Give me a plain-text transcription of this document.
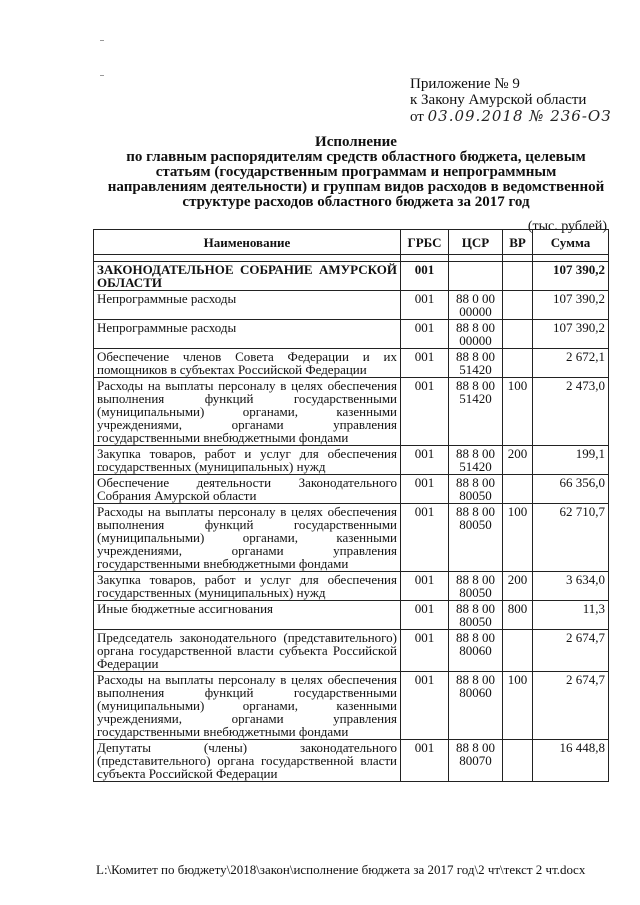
Приложение № 9
к Закону Амурской области
от 03.09.2018 № 236-ОЗ
Исполнение
по главным распорядителям средств областного бюджета, целевым
статьям (государственным программам и непрограммным
направлениям деятельности) и группам видов расходов в ведомственной
структуре расходов областного бюджета за 2017 год
(тыс. рублей)
Наименование	ГРБС	ЦСР	ВР	Сумма

ЗАКОНОДАТЕЛЬНОЕ СОБРАНИЕ АМУРСКОЙ ОБЛАСТИ	001			107 390,2
Непрограммные расходы	001	88 0 00 00000		107 390,2
Непрограммные расходы	001	88 8 00 00000		107 390,2
Обеспечение членов Совета Федерации и их помощников в субъектах Российской Федерации	001	88 8 00 51420		2 672,1
Расходы на выплаты персоналу в целях обеспечения выполнения функций государственными (муниципальными) органами, казенными учреждениями, органами управления государственными внебюджетными фондами	001	88 8 00 51420	100	2 473,0
Закупка товаров, работ и услуг для обеспечения государственных (муниципальных) нужд	001	88 8 00 51420	200	199,1
Обеспечение деятельности Законодательного Собрания Амурской области	001	88 8 00 80050		66 356,0
Расходы на выплаты персоналу в целях обеспечения выполнения функций государственными (муниципальными) органами, казенными учреждениями, органами управления государственными внебюджетными фондами	001	88 8 00 80050	100	62 710,7
Закупка товаров, работ и услуг для обеспечения государственных (муниципальных) нужд	001	88 8 00 80050	200	3 634,0
Иные бюджетные ассигнования	001	88 8 00 80050	800	11,3
Председатель законодательного (представительного) органа государственной власти субъекта Российской Федерации	001	88 8 00 80060		2 674,7
Расходы на выплаты персоналу в целях обеспечения выполнения функций государственными (муниципальными) органами, казенными учреждениями, органами управления государственными внебюджетными фондами	001	88 8 00 80060	100	2 674,7
Депутаты (члены) законодательного (представительного) органа государственной власти субъекта Российской Федерации	001	88 8 00 80070		16 448,8
L:\Комитет по бюджету\2018\закон\исполнение бюджета за 2017 год\2 чт\текст 2 чт.docx
